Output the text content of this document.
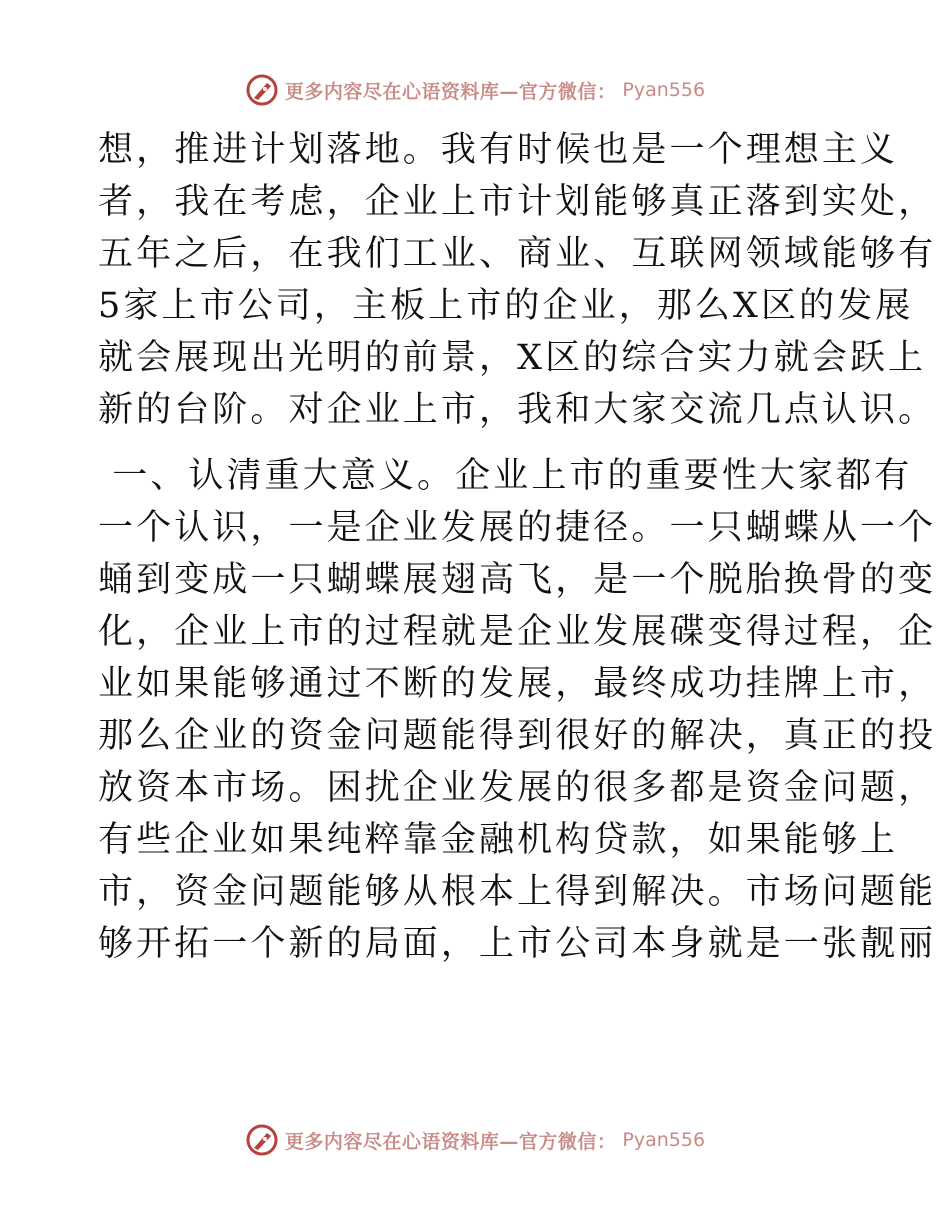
更多内容尽在心语资料库—官方微信： Pyan556
想，推进计划落地。我有时候也是一个理想主义
者，我在考虑，企业上市计划能够真正落到实处，
五年之后，在我们工业、商业、互联网领域能够有
5家上市公司，主板上市的企业，那么X区的发展
就会展现出光明的前景，X区的综合实力就会跃上
新的台阶。对企业上市，我和大家交流几点认识。
一、认清重大意义。企业上市的重要性大家都有
一个认识，一是企业发展的捷径。一只蝴蝶从一个
蛹到变成一只蝴蝶展翅高飞，是一个脱胎换骨的变
化，企业上市的过程就是企业发展碟变得过程，企
业如果能够通过不断的发展，最终成功挂牌上市，
那么企业的资金问题能得到很好的解决，真正的投
放资本市场。困扰企业发展的很多都是资金问题，
有些企业如果纯粹靠金融机构贷款，如果能够上
市，资金问题能够从根本上得到解决。市场问题能
够开拓一个新的局面，上市公司本身就是一张靓丽
更多内容尽在心语资料库—官方微信： Pyan556
